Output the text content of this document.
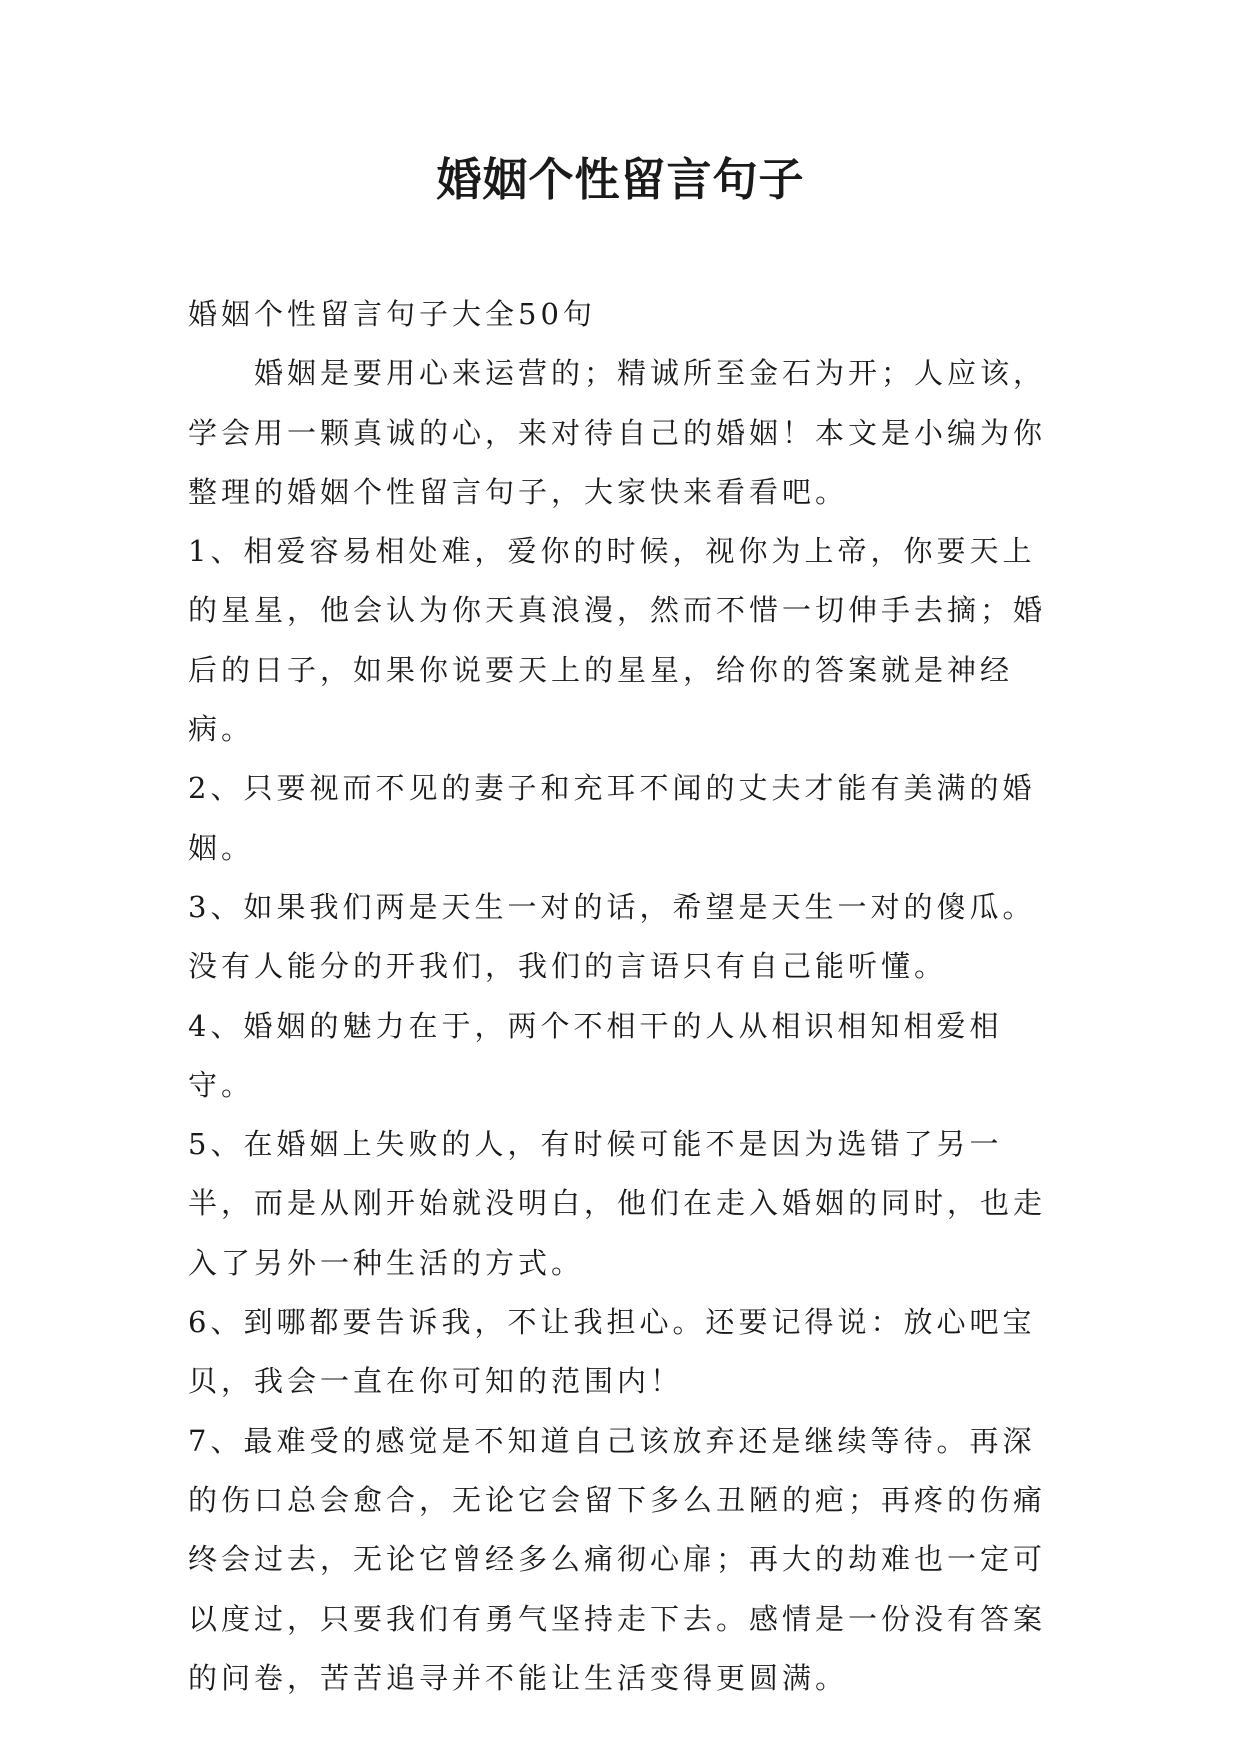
婚姻个性留言句子

婚姻个性留言句子大全50句

婚姻是要用心来运营的；精诚所至金石为开；人应该，学会用一颗真诚的心，来对待自己的婚姻！本文是小编为你整理的婚姻个性留言句子，大家快来看看吧。

1、相爱容易相处难，爱你的时候，视你为上帝，你要天上的星星，他会认为你天真浪漫，然而不惜一切伸手去摘；婚后的日子，如果你说要天上的星星，给你的答案就是神经病。

2、只要视而不见的妻子和充耳不闻的丈夫才能有美满的婚姻。

3、如果我们两是天生一对的话，希望是天生一对的傻瓜。没有人能分的开我们，我们的言语只有自己能听懂。

4、婚姻的魅力在于，两个不相干的人从相识相知相爱相守。

5、在婚姻上失败的人，有时候可能不是因为选错了另一半，而是从刚开始就没明白，他们在走入婚姻的同时，也走入了另外一种生活的方式。

6、到哪都要告诉我，不让我担心。还要记得说：放心吧宝贝，我会一直在你可知的范围内！

7、最难受的感觉是不知道自己该放弃还是继续等待。再深的伤口总会愈合，无论它会留下多么丑陋的疤；再疼的伤痛终会过去，无论它曾经多么痛彻心扉；再大的劫难也一定可以度过，只要我们有勇气坚持走下去。感情是一份没有答案的问卷，苦苦追寻并不能让生活变得更圆满。
